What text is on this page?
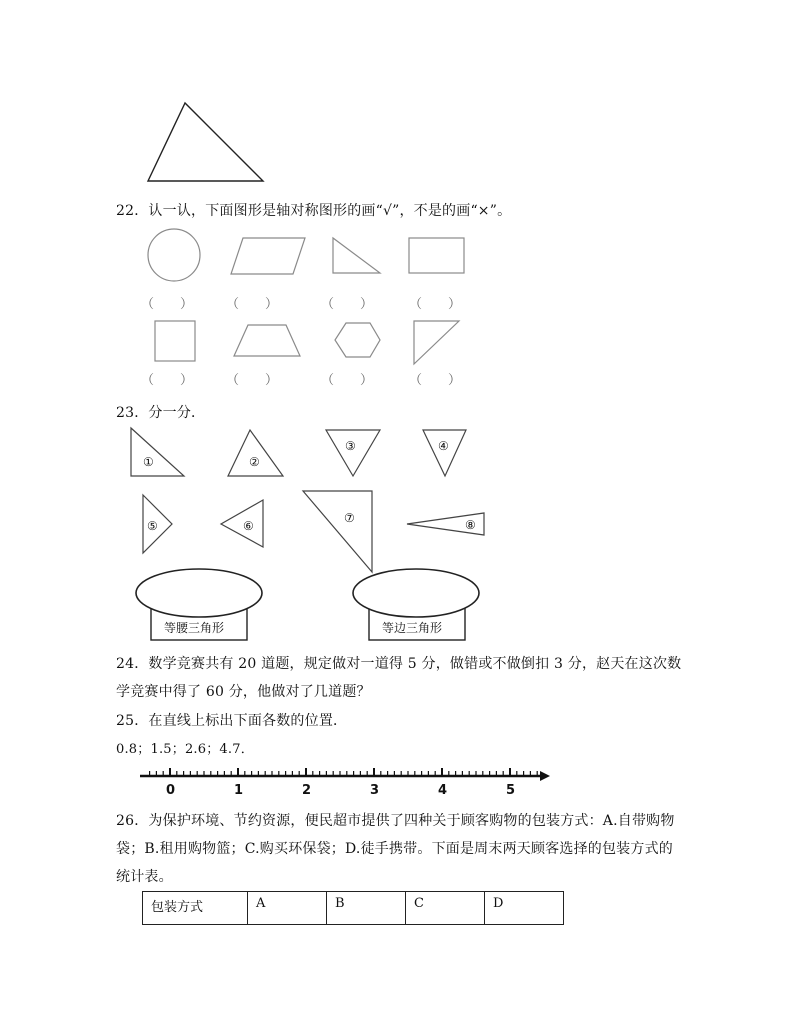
①	②
③	④
⑤	⑥
⑦	⑧
等腰三角形	等边三角形
0	1	2	3	4	5
22．认一认，下面图形是轴对称图形的画“√”，不是的画“×”。
（　　）	（　　）	（　　）	（　　）
（　　）	（　　）	（　　）	（　　）
23．分一分．
24．数学竞赛共有 20 道题，规定做对一道得 5 分，做错或不做倒扣 3 分，赵天在这次数
学竞赛中得了 60 分，他做对了几道题？
25．在直线上标出下面各数的位置．
0.8；1.5；2.6；4.7．
26．为保护环境、节约资源，便民超市提供了四种关于顾客购物的包装方式：A.自带购物
袋；B.租用购物篮；C.购买环保袋；D.徒手携带。下面是周末两天顾客选择的包装方式的
统计表。
包装方式	A	B	C	D
